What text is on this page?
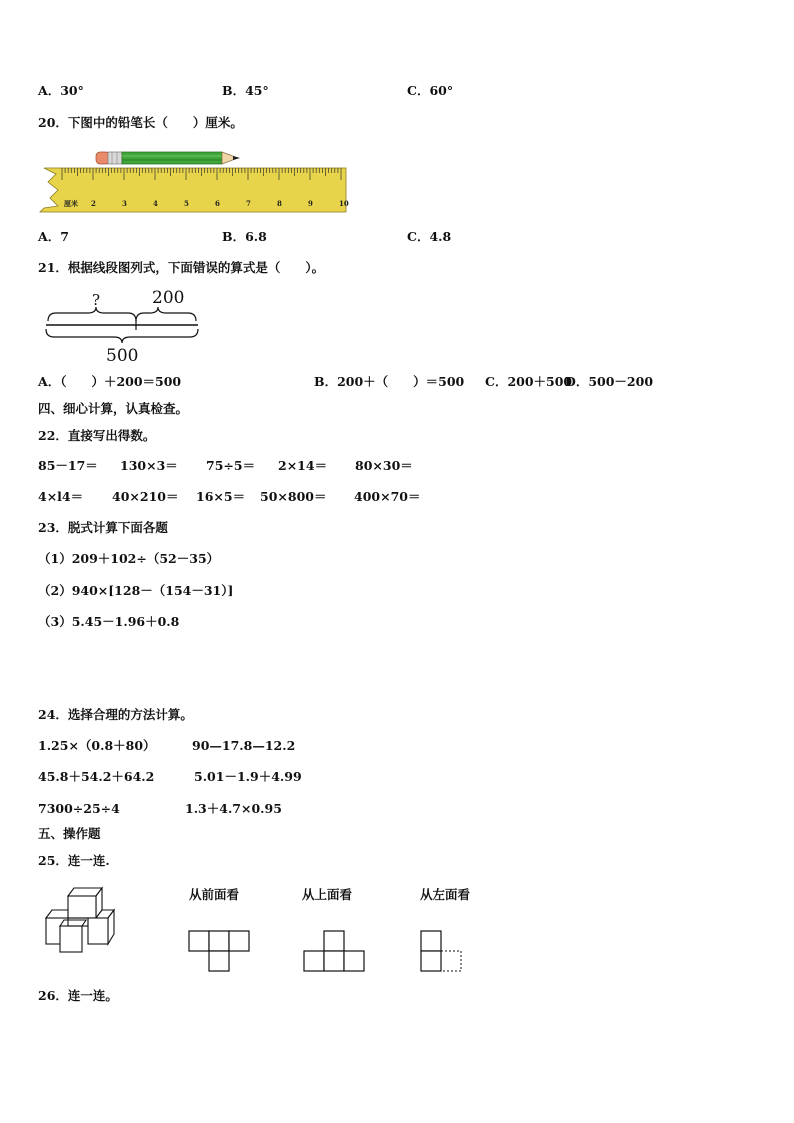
A．30°	B．45°	C．60°
20．下图中的铅笔长（　　）厘米。
厘米 2	3	4	5	6	7	8	9	10
A．7	B．6.8	C．4.8
21．根据线段图列式，下面错误的算式是（　　）。
?	200
500
A．（　　）＋200＝500	B．200＋（　　）＝500 C．200＋500
D．500－200
四、细心计算，认真检查。
22．直接写出得数。
85－17＝ 130×3＝ 75÷5＝ 2×14＝ 80×30＝
4×l4＝ 40×210＝ 16×5＝ 50×800＝ 400×70＝
23．脱式计算下面各题
（1）209＋102÷（52－35）
（2）940×[128－（154－31）]
（3）5.45－1.96＋0.8
24．选择合理的方法计算。
1.25×（0.8＋80）	90—17.8—12.2
45.8＋54.2＋64.2	5.01－1.9＋4.99
7300÷25÷4	1.3＋4.7×0.95
五、操作题
25．连一连.
从前面看	从上面看	从左面看
26．连一连。
